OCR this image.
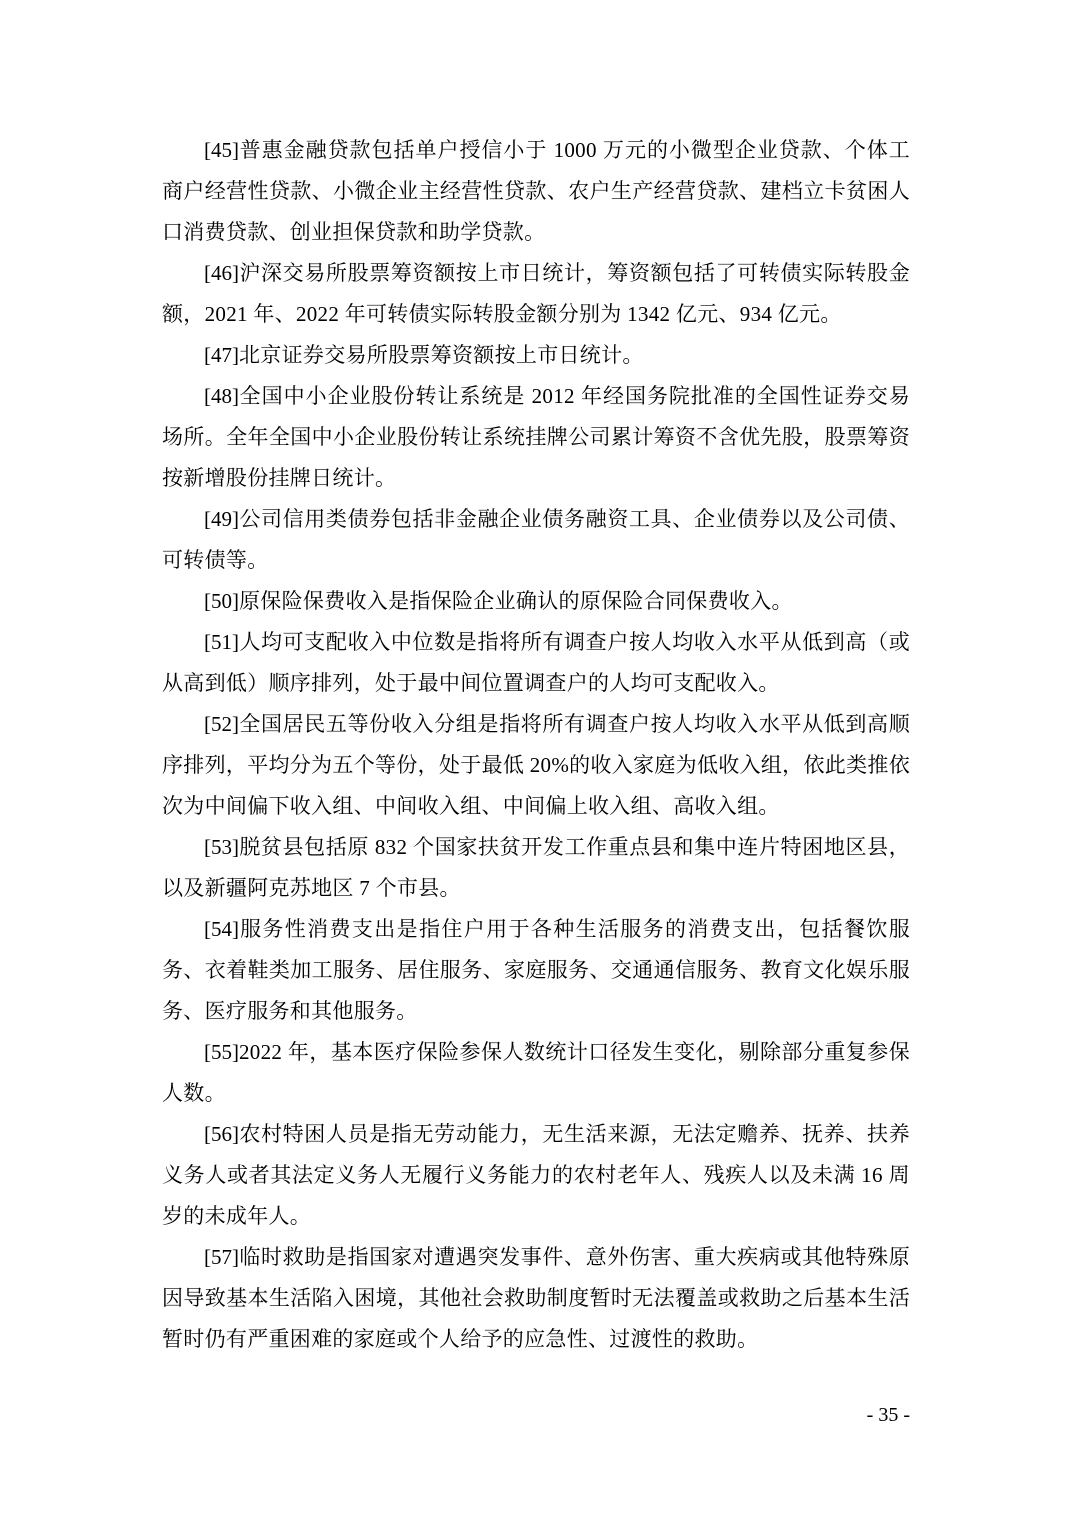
[45]普惠金融贷款包括单户授信小于 1000 万元的小微型企业贷款、个体工商户经营性贷款、小微企业主经营性贷款、农户生产经营贷款、建档立卡贫困人口消费贷款、创业担保贷款和助学贷款。

[46]沪深交易所股票筹资额按上市日统计，筹资额包括了可转债实际转股金额，2021 年、2022 年可转债实际转股金额分别为 1342 亿元、934 亿元。

[47]北京证券交易所股票筹资额按上市日统计。

[48]全国中小企业股份转让系统是 2012 年经国务院批准的全国性证券交易场所。全年全国中小企业股份转让系统挂牌公司累计筹资不含优先股，股票筹资按新增股份挂牌日统计。

[49]公司信用类债券包括非金融企业债务融资工具、企业债券以及公司债、可转债等。

[50]原保险保费收入是指保险企业确认的原保险合同保费收入。

[51]人均可支配收入中位数是指将所有调查户按人均收入水平从低到高（或从高到低）顺序排列，处于最中间位置调查户的人均可支配收入。

[52]全国居民五等份收入分组是指将所有调查户按人均收入水平从低到高顺序排列，平均分为五个等份，处于最低 20%的收入家庭为低收入组，依此类推依次为中间偏下收入组、中间收入组、中间偏上收入组、高收入组。

[53]脱贫县包括原 832 个国家扶贫开发工作重点县和集中连片特困地区县，以及新疆阿克苏地区 7 个市县。

[54]服务性消费支出是指住户用于各种生活服务的消费支出，包括餐饮服务、衣着鞋类加工服务、居住服务、家庭服务、交通通信服务、教育文化娱乐服务、医疗服务和其他服务。

[55]2022 年，基本医疗保险参保人数统计口径发生变化，剔除部分重复参保人数。

[56]农村特困人员是指无劳动能力，无生活来源，无法定赡养、抚养、扶养义务人或者其法定义务人无履行义务能力的农村老年人、残疾人以及未满 16 周岁的未成年人。

[57]临时救助是指国家对遭遇突发事件、意外伤害、重大疾病或其他特殊原因导致基本生活陷入困境，其他社会救助制度暂时无法覆盖或救助之后基本生活暂时仍有严重困难的家庭或个人给予的应急性、过渡性的救助。

- 35 -
